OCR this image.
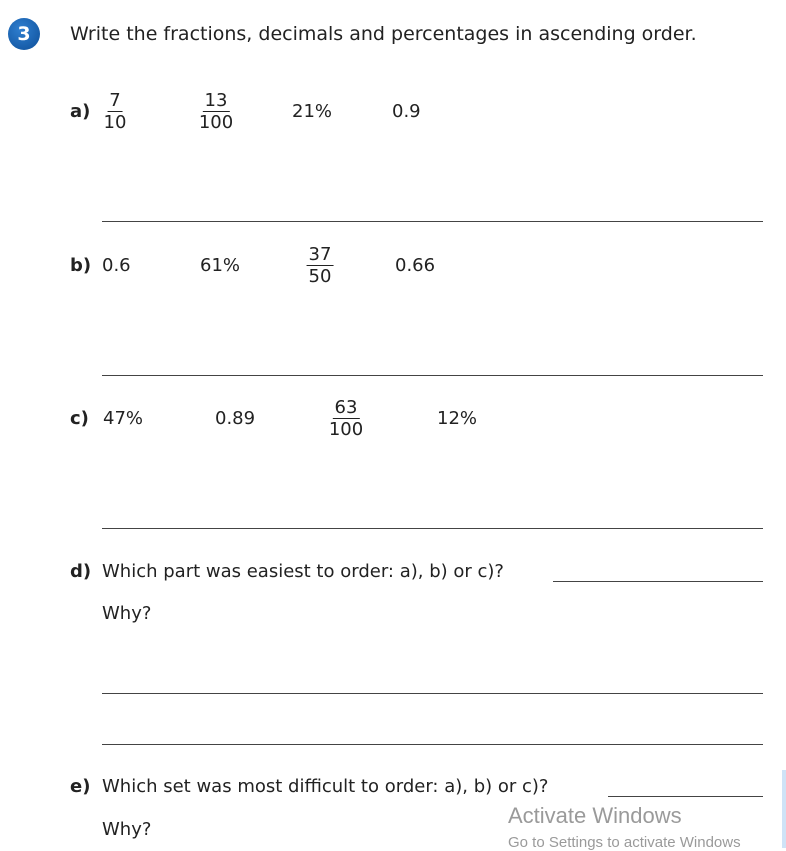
3	Write the fractions, decimals and percentages in ascending order.
$a) \frac{7}{10}$	$\frac{13}{100}$	21%	0.9
b) 0.6	61%	$\frac{37}{50}$	0.66
c) 47%	0.89	$\frac{63}{100}$	12%
d) Which part was easiest to order: a), b) or c)?
Why?
e) Which set was most difficult to order: a), b) or c)?
Why?
Activate Windows
Go to Settings to activate Windows
